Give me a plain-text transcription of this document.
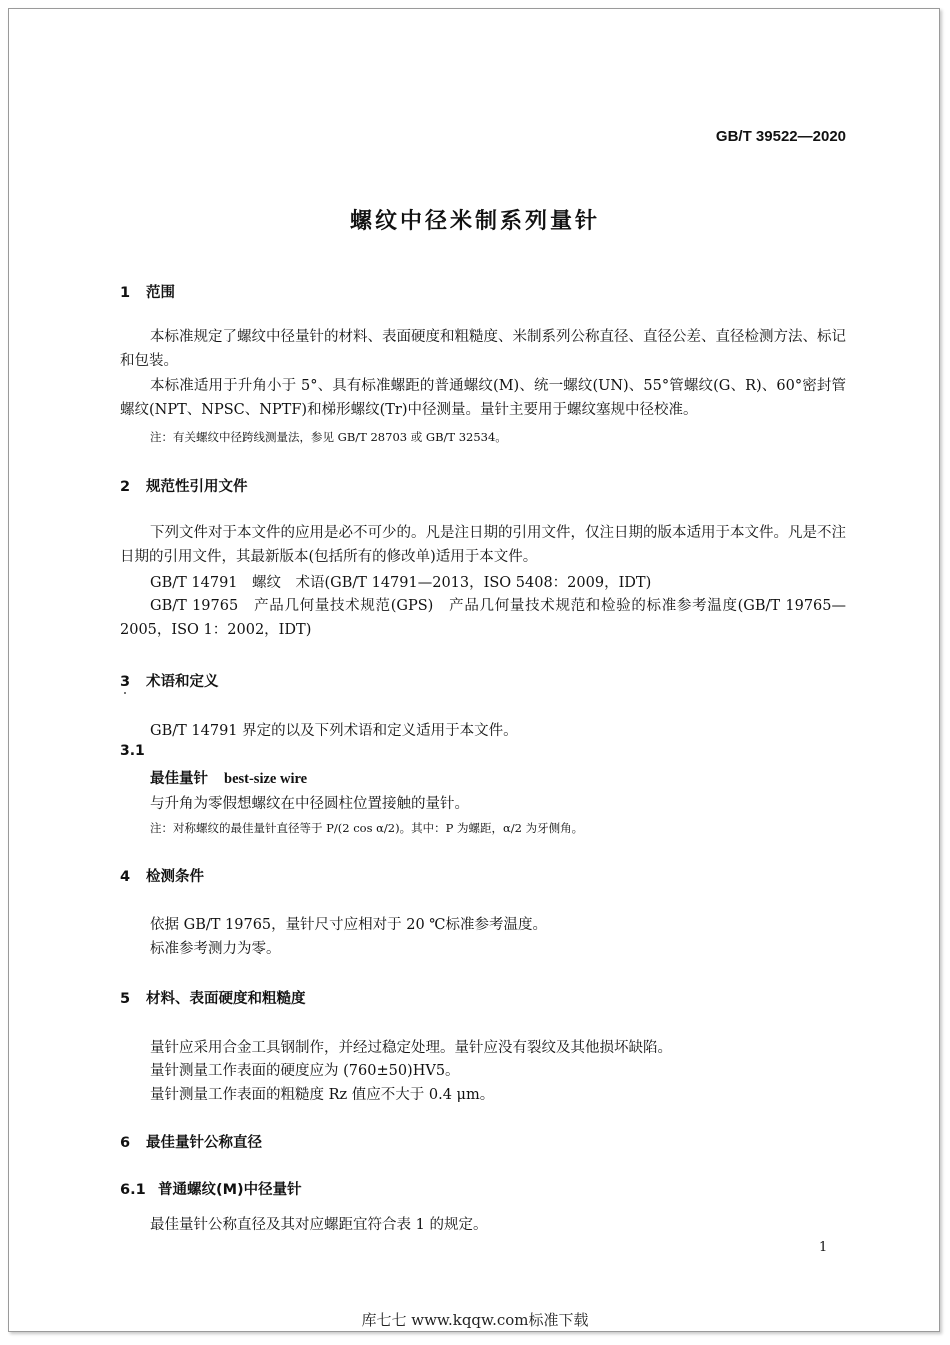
GB/T 39522—2020
螺纹中径米制系列量针
1 范围
本标准规定了螺纹中径量针的材料、表面硬度和粗糙度、米制系列公称直径、直径公差、直径检测方法、标记和包装。
本标准适用于升角小于 5°、具有标准螺距的普通螺纹(M)、统一螺纹(UN)、55°管螺纹(G、R)、60°密封管螺纹(NPT、NPSC、NPTF)和梯形螺纹(Tr)中径测量。量针主要用于螺纹塞规中径校准。
注：有关螺纹中径跨线测量法，参见 GB/T 28703 或 GB/T 32534。
2 规范性引用文件
下列文件对于本文件的应用是必不可少的。凡是注日期的引用文件，仅注日期的版本适用于本文件。凡是不注日期的引用文件，其最新版本(包括所有的修改单)适用于本文件。
GB/T 14791　螺纹　术语(GB/T 14791—2013，ISO 5408：2009，IDT)
GB/T 19765　产品几何量技术规范(GPS)　产品几何量技术规范和检验的标准参考温度(GB/T 19765—2005，ISO 1：2002，IDT)
3 术语和定义
GB/T 14791 界定的以及下列术语和定义适用于本文件。
3.1
最佳量针 best-size wire
与升角为零假想螺纹在中径圆柱位置接触的量针。
注：对称螺纹的最佳量针直径等于 P/(2 cos α/2)。其中：P 为螺距，α/2 为牙侧角。
4 检测条件
依据 GB/T 19765，量针尺寸应相对于 20 ℃标准参考温度。
标准参考测力为零。
5 材料、表面硬度和粗糙度
量针应采用合金工具钢制作，并经过稳定处理。量针应没有裂纹及其他损坏缺陷。
量针测量工作表面的硬度应为 (760±50)HV5。
量针测量工作表面的粗糙度 Rz 值应不大于 0.4 μm。
6 最佳量针公称直径
6.1 普通螺纹(M)中径量针
最佳量针公称直径及其对应螺距宜符合表 1 的规定。
1
库七七 www.kqqw.com标准下载
